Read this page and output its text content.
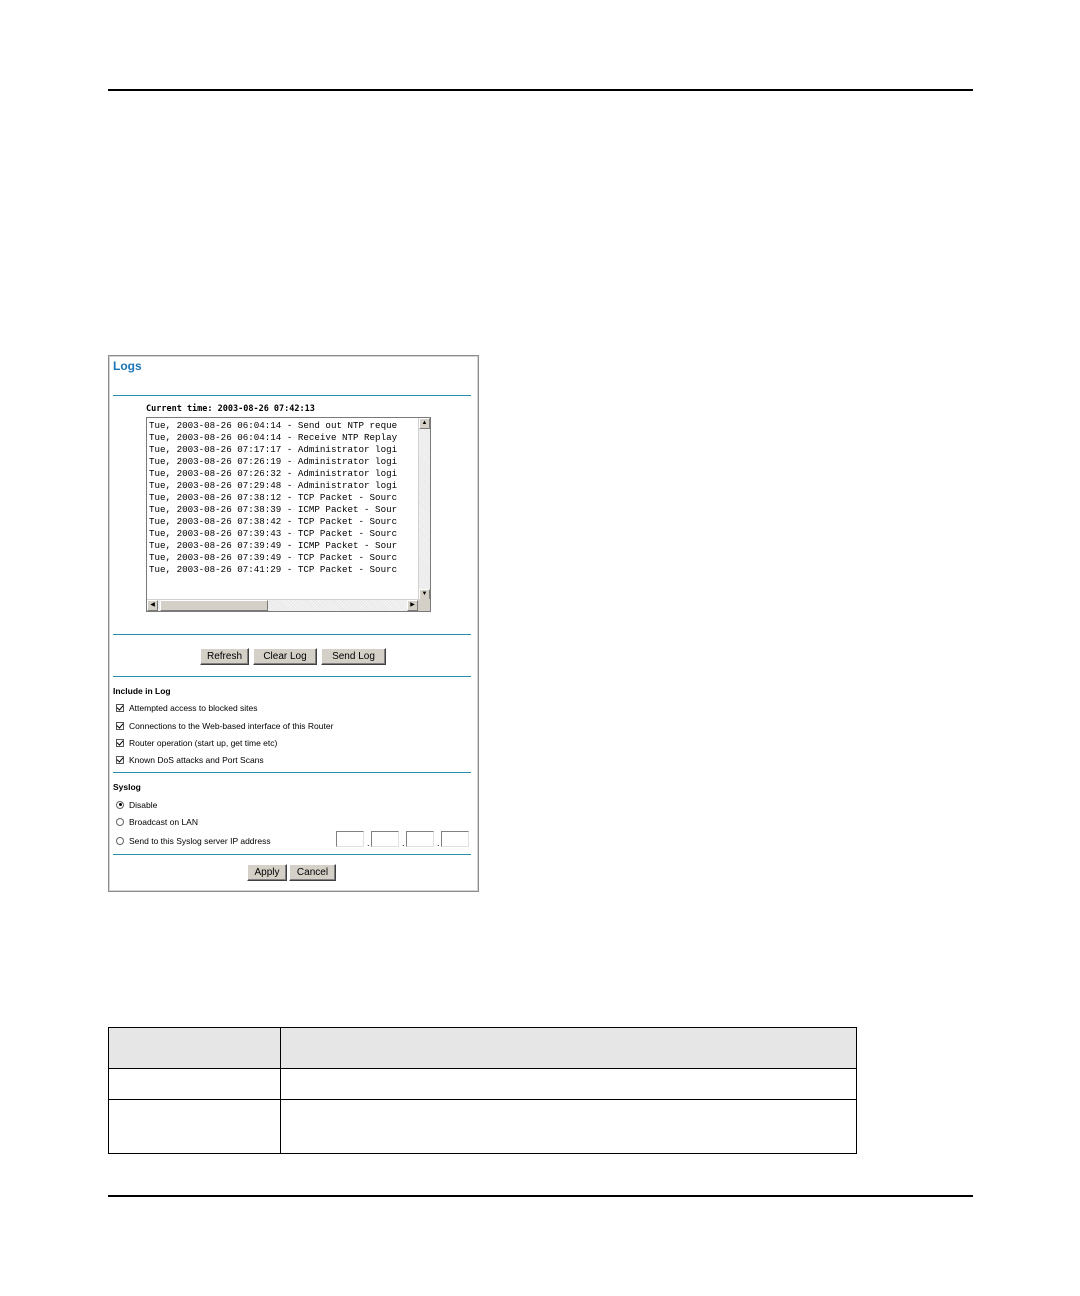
Logs
Current time: 2003-08-26 07:42:13
Tue, 2003-08-26 06:04:14 - Send out NTP reque
Tue, 2003-08-26 06:04:14 - Receive NTP Replay
Tue, 2003-08-26 07:17:17 - Administrator logi
Tue, 2003-08-26 07:26:19 - Administrator logi
Tue, 2003-08-26 07:26:32 - Administrator logi
Tue, 2003-08-26 07:29:48 - Administrator logi
Tue, 2003-08-26 07:38:12 - TCP Packet - Sourc
Tue, 2003-08-26 07:38:39 - ICMP Packet - Sour
Tue, 2003-08-26 07:38:42 - TCP Packet - Sourc
Tue, 2003-08-26 07:39:43 - TCP Packet - Sourc
Tue, 2003-08-26 07:39:49 - ICMP Packet - Sour
Tue, 2003-08-26 07:39:49 - TCP Packet - Sourc
Tue, 2003-08-26 07:41:29 - TCP Packet - Sourc
▲
▼
◀	▶
Refresh	Clear Log	Send Log
Include in Log
Attempted access to blocked sites
Connections to the Web-based interface of this Router
Router operation (start up, get time etc)
Known DoS attacks and Port Scans
Syslog
Disable
Broadcast on LAN
Send to this Syslog server IP address	.	.	.
Apply	Cancel
